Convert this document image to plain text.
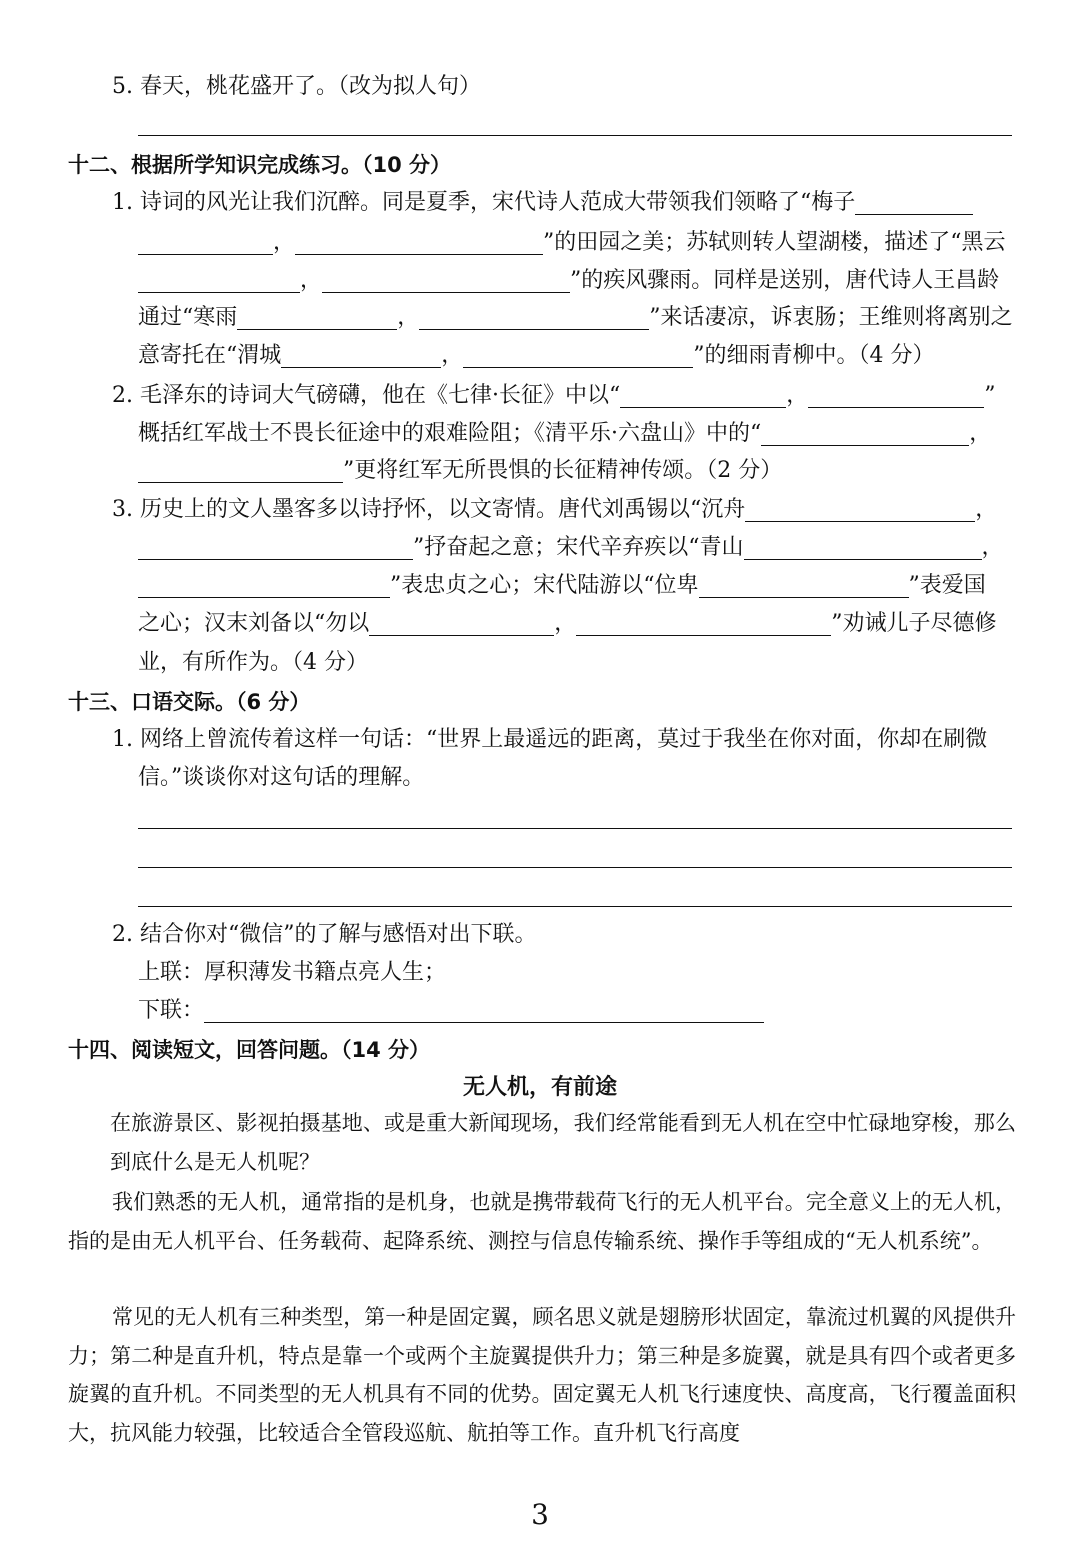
5. 春天，桃花盛开了。（改为拟人句）
十二、根据所学知识完成练习。（10 分）
1. 诗词的风光让我们沉醉。同是夏季，宋代诗人范成大带领我们领略了“梅子
，	”的田园之美；苏轼则转人望湖楼，描述了“黑云
，	”的疾风骤雨。同样是送别，唐代诗人王昌龄
通过“寒雨	，	”来话凄凉，诉衷肠；王维则将离别之
意寄托在“渭城	，	”的细雨青柳中。（4 分）
2. 毛泽东的诗词大气磅礴，他在《七律·长征》中以“	，	”
概括红军战士不畏长征途中的艰难险阻；《清平乐·六盘山》中的“	，
”更将红军无所畏惧的长征精神传颂。（2 分）
3. 历史上的文人墨客多以诗抒怀，以文寄情。唐代刘禹锡以“沉舟	，
”抒奋起之意；宋代辛弃疾以“青山	，
”表忠贞之心；宋代陆游以“位卑	”表爱国
之心；汉末刘备以“勿以	，	”劝诫儿子尽德修
业，有所作为。（4 分）
十三、口语交际。（6 分）
1. 网络上曾流传着这样一句话：“世界上最遥远的距离，莫过于我坐在你对面，你却在刷微
信。”谈谈你对这句话的理解。
2. 结合你对“微信”的了解与感悟对出下联。
上联：厚积薄发书籍点亮人生；
下联：
十四、阅读短文，回答问题。（14 分）
无人机，有前途
在旅游景区、影视拍摄基地、或是重大新闻现场，我们经常能看到无人机在空中忙碌地穿梭，那么到底什么是无人机呢？
我们熟悉的无人机，通常指的是机身，也就是携带载荷飞行的无人机平台。完全意义上的无人机，指的是由无人机平台、任务载荷、起降系统、测控与信息传输系统、操作手等组成的“无人机系统”。
常见的无人机有三种类型，第一种是固定翼，顾名思义就是翅膀形状固定，靠流过机翼的风提供升力；第二种是直升机，特点是靠一个或两个主旋翼提供升力；第三种是多旋翼，就是具有四个或者更多旋翼的直升机。不同类型的无人机具有不同的优势。固定翼无人机飞行速度快、高度高，飞行覆盖面积大，抗风能力较强，比较适合全管段巡航、航拍等工作。直升机飞行高度
3
